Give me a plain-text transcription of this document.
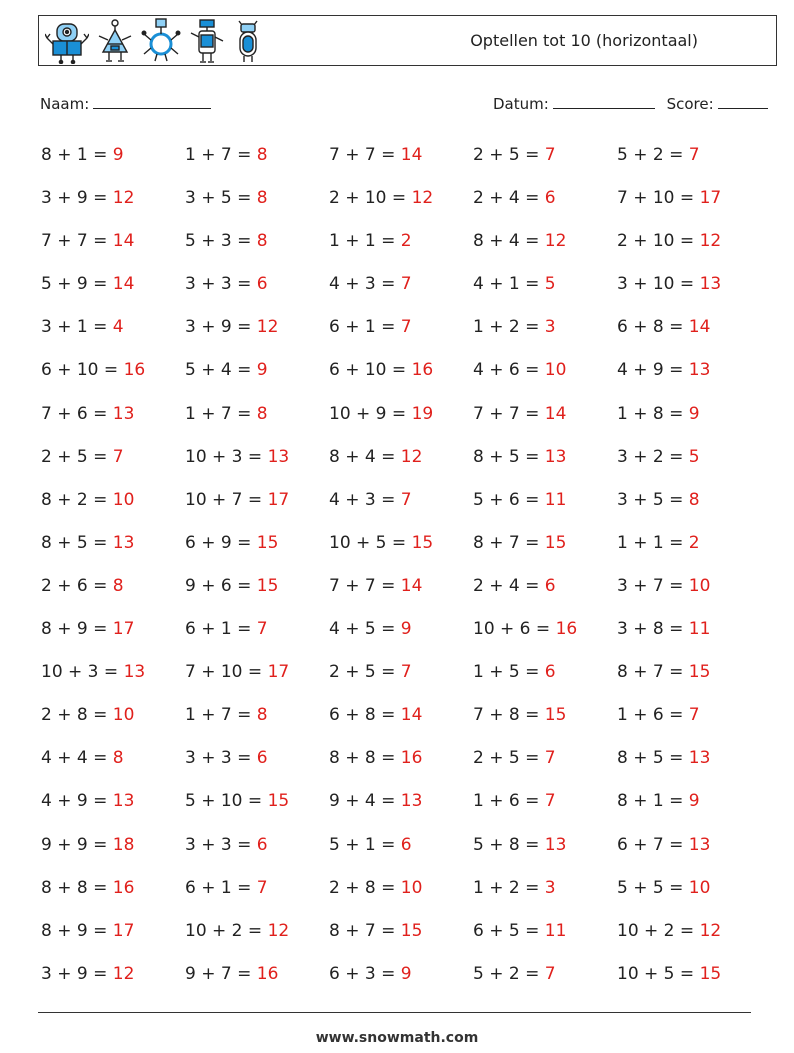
Optellen tot 10 (horizontaal)
Naam:	Datum:	Score:
8 + 1 = 9	1 + 7 = 8	7 + 7 = 14	2 + 5 = 7	5 + 2 = 7
3 + 9 = 12	3 + 5 = 8	2 + 10 = 12	2 + 4 = 6	7 + 10 = 17
7 + 7 = 14	5 + 3 = 8	1 + 1 = 2	8 + 4 = 12	2 + 10 = 12
5 + 9 = 14	3 + 3 = 6	4 + 3 = 7	4 + 1 = 5	3 + 10 = 13
3 + 1 = 4	3 + 9 = 12	6 + 1 = 7	1 + 2 = 3	6 + 8 = 14
6 + 10 = 16	5 + 4 = 9	6 + 10 = 16	4 + 6 = 10	4 + 9 = 13
7 + 6 = 13	1 + 7 = 8	10 + 9 = 19	7 + 7 = 14	1 + 8 = 9
2 + 5 = 7	10 + 3 = 13	8 + 4 = 12	8 + 5 = 13	3 + 2 = 5
8 + 2 = 10	10 + 7 = 17	4 + 3 = 7	5 + 6 = 11	3 + 5 = 8
8 + 5 = 13	6 + 9 = 15	10 + 5 = 15	8 + 7 = 15	1 + 1 = 2
2 + 6 = 8	9 + 6 = 15	7 + 7 = 14	2 + 4 = 6	3 + 7 = 10
8 + 9 = 17	6 + 1 = 7	4 + 5 = 9	10 + 6 = 16	3 + 8 = 11
10 + 3 = 13	7 + 10 = 17	2 + 5 = 7	1 + 5 = 6	8 + 7 = 15
2 + 8 = 10	1 + 7 = 8	6 + 8 = 14	7 + 8 = 15	1 + 6 = 7
4 + 4 = 8	3 + 3 = 6	8 + 8 = 16	2 + 5 = 7	8 + 5 = 13
4 + 9 = 13	5 + 10 = 15	9 + 4 = 13	1 + 6 = 7	8 + 1 = 9
9 + 9 = 18	3 + 3 = 6	5 + 1 = 6	5 + 8 = 13	6 + 7 = 13
8 + 8 = 16	6 + 1 = 7	2 + 8 = 10	1 + 2 = 3	5 + 5 = 10
8 + 9 = 17	10 + 2 = 12	8 + 7 = 15	6 + 5 = 11	10 + 2 = 12
3 + 9 = 12	9 + 7 = 16	6 + 3 = 9	5 + 2 = 7	10 + 5 = 15
www.snowmath.com
